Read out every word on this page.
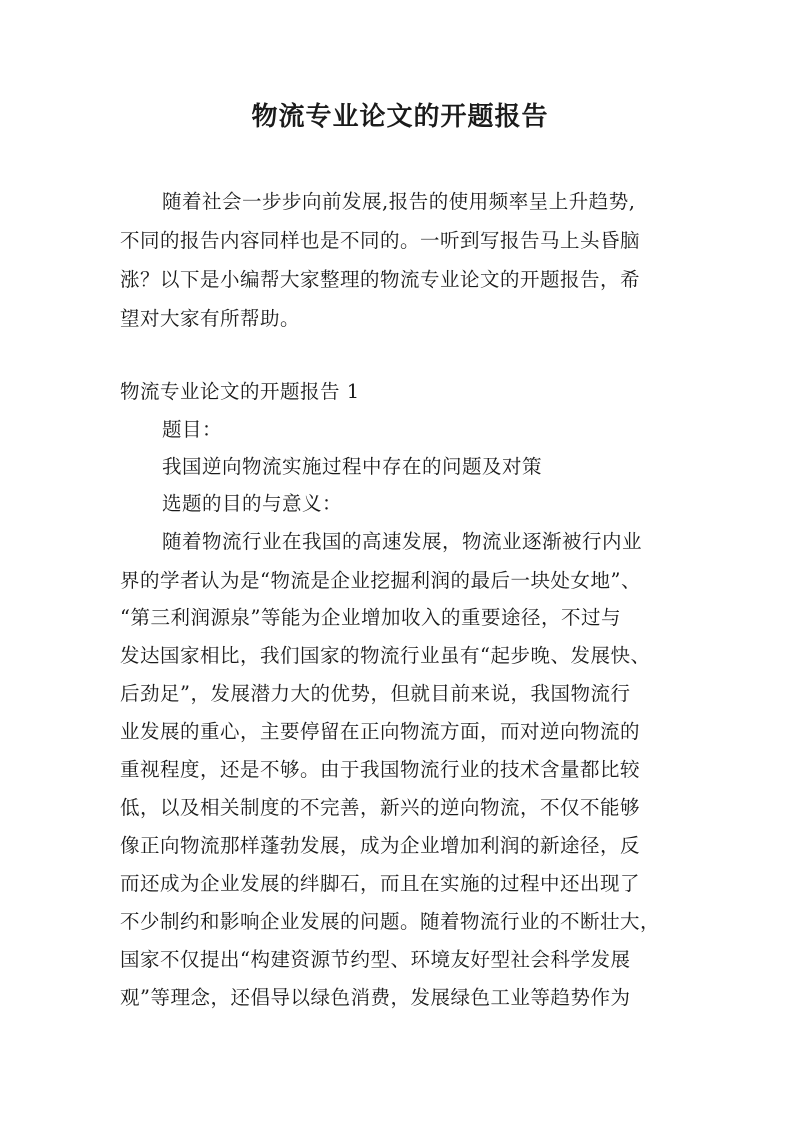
物流专业论文的开题报告
随着社会一步步向前发展,报告的使用频率呈上升趋势,
不同的报告内容同样也是不同的。一听到写报告马上头昏脑
涨？以下是小编帮大家整理的物流专业论文的开题报告，希
望对大家有所帮助。
物流专业论文的开题报告 1
题目：
我国逆向物流实施过程中存在的问题及对策
选题的目的与意义：
随着物流行业在我国的高速发展，物流业逐渐被行内业
界的学者认为是“物流是企业挖掘利润的最后一块处女地”、
“第三利润源泉”等能为企业增加收入的重要途径，不过与
发达国家相比，我们国家的物流行业虽有“起步晚、发展快、
后劲足”，发展潜力大的优势，但就目前来说，我国物流行
业发展的重心，主要停留在正向物流方面，而对逆向物流的
重视程度，还是不够。由于我国物流行业的技术含量都比较
低，以及相关制度的不完善，新兴的逆向物流，不仅不能够
像正向物流那样蓬勃发展，成为企业增加利润的新途径，反
而还成为企业发展的绊脚石，而且在实施的过程中还出现了
不少制约和影响企业发展的问题。随着物流行业的不断壮大，
国家不仅提出“构建资源节约型、环境友好型社会科学发展
观”等理念，还倡导以绿色消费，发展绿色工业等趋势作为
